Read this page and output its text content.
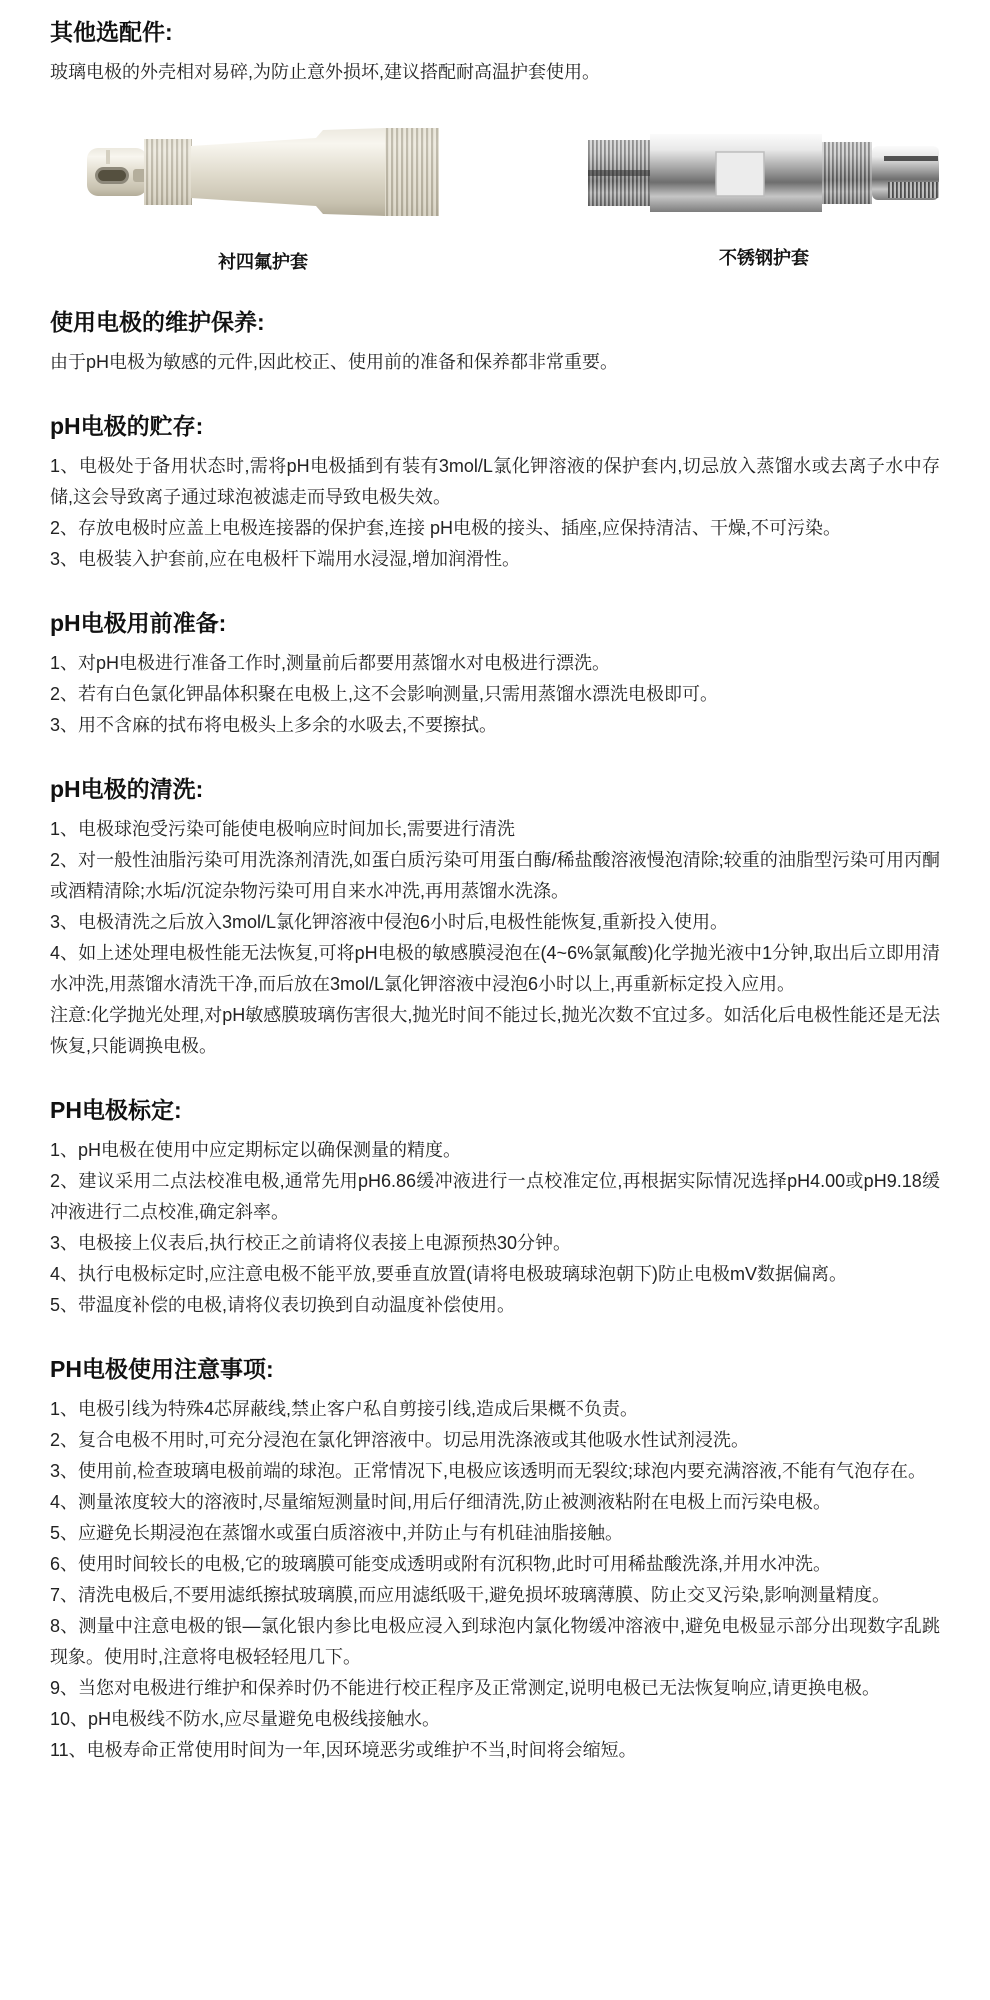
其他选配件:

玻璃电极的外壳相对易碎,为防止意外损坏,建议搭配耐高温护套使用。

衬四氟护套	不锈钢护套
使用电极的维护保养:

由于pH电极为敏感的元件,因此校正、使用前的准备和保养都非常重要。

pH电极的贮存:

1、电极处于备用状态时,需将pH电极插到有装有3mol/L氯化钾溶液的保护套内,切忌放入蒸馏水或去离子水中存储,这会导致离子通过球泡被滤走而导致电极失效。

2、存放电极时应盖上电极连接器的保护套,连接 pH电极的接头、插座,应保持清洁、干燥,不可污染。

3、电极装入护套前,应在电极杆下端用水浸湿,增加润滑性。

pH电极用前准备:

1、对pH电极进行准备工作时,测量前后都要用蒸馏水对电极进行漂洗。

2、若有白色氯化钾晶体积聚在电极上,这不会影响测量,只需用蒸馏水漂洗电极即可。

3、用不含麻的拭布将电极头上多余的水吸去,不要擦拭。

pH电极的清洗:

1、电极球泡受污染可能使电极响应时间加长,需要进行清洗

2、对一般性油脂污染可用洗涤剂清洗,如蛋白质污染可用蛋白酶/稀盐酸溶液慢泡清除;较重的油脂型污染可用丙酮或酒精清除;水垢/沉淀杂物污染可用自来水冲洗,再用蒸馏水洗涤。

3、电极清洗之后放入3mol/L氯化钾溶液中侵泡6小时后,电极性能恢复,重新投入使用。

4、如上述处理电极性能无法恢复,可将pH电极的敏感膜浸泡在(4~6%氯氟酸)化学抛光液中1分钟,取出后立即用清水冲洗,用蒸馏水清洗干净,而后放在3mol/L氯化钾溶液中浸泡6小时以上,再重新标定投入应用。

注意:化学抛光处理,对pH敏感膜玻璃伤害很大,抛光时间不能过长,抛光次数不宜过多。如活化后电极性能还是无法恢复,只能调换电极。

PH电极标定:

1、pH电极在使用中应定期标定以确保测量的精度。

2、建议采用二点法校准电极,通常先用pH6.86缓冲液进行一点校准定位,再根据实际情况选择pH4.00或pH9.18缓冲液进行二点校准,确定斜率。

3、电极接上仪表后,执行校正之前请将仪表接上电源预热30分钟。

4、执行电极标定时,应注意电极不能平放,要垂直放置(请将电极玻璃球泡朝下)防止电极mV数据偏离。

5、带温度补偿的电极,请将仪表切换到自动温度补偿使用。

PH电极使用注意事项:

1、电极引线为特殊4芯屏蔽线,禁止客户私自剪接引线,造成后果概不负责。

2、复合电极不用时,可充分浸泡在氯化钾溶液中。切忌用洗涤液或其他吸水性试剂浸洗。

3、使用前,检查玻璃电极前端的球泡。正常情况下,电极应该透明而无裂纹;球泡内要充满溶液,不能有气泡存在。

4、测量浓度较大的溶液时,尽量缩短测量时间,用后仔细清洗,防止被测液粘附在电极上而污染电极。

5、应避免长期浸泡在蒸馏水或蛋白质溶液中,并防止与有机硅油脂接触。

6、使用时间较长的电极,它的玻璃膜可能变成透明或附有沉积物,此时可用稀盐酸洗涤,并用水冲洗。

7、清洗电极后,不要用滤纸擦拭玻璃膜,而应用滤纸吸干,避免损坏玻璃薄膜、防止交叉污染,影响测量精度。

8、测量中注意电极的银—氯化银内参比电极应浸入到球泡内氯化物缓冲溶液中,避免电极显示部分出现数字乱跳现象。使用时,注意将电极轻轻甩几下。

9、当您对电极进行维护和保养时仍不能进行校正程序及正常测定,说明电极已无法恢复响应,请更换电极。

10、pH电极线不防水,应尽量避免电极线接触水。

11、电极寿命正常使用时间为一年,因环境恶劣或维护不当,时间将会缩短。
